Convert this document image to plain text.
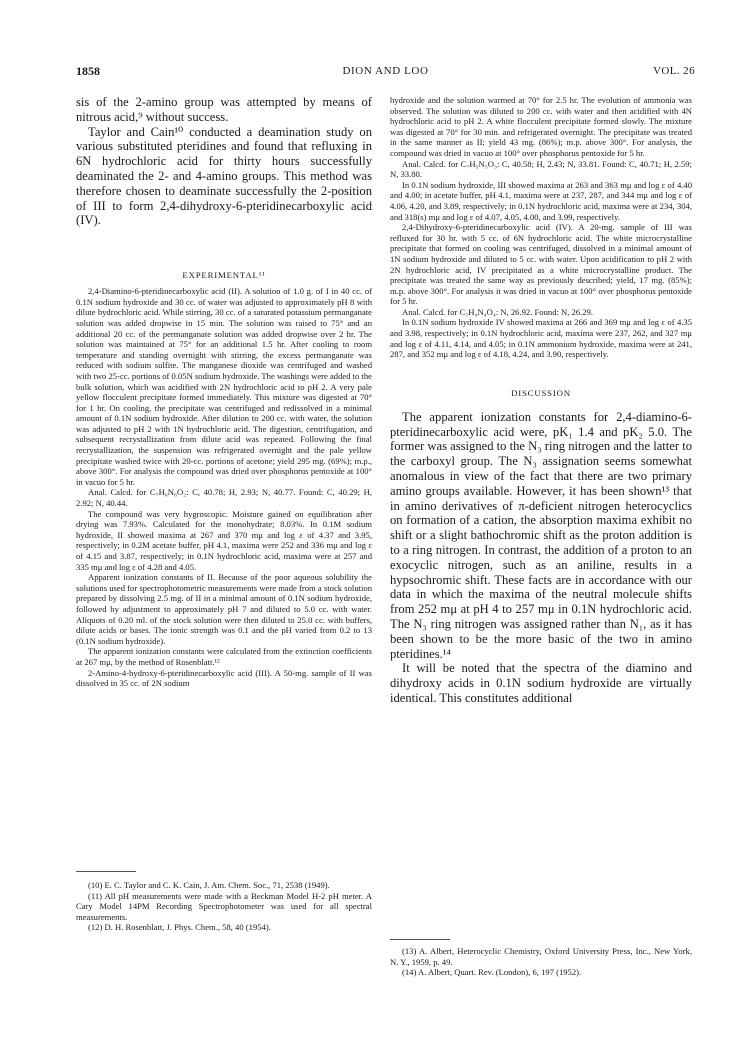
1858	DION AND LOO	VOL. 26

sis of the 2-amino group was attempted by means of nitrous acid,⁹ without success.

Taylor and Cain¹⁰ conducted a deamination study on various substituted pteridines and found that refluxing in 6N hydrochloric acid for thirty hours successfully deaminated the 2- and 4-amino groups. This method was therefore chosen to deaminate successfully the 2-position of III to form 2,4-dihydroxy-6-pteridinecarboxylic acid (IV).

EXPERIMENTAL¹¹

2,4-Diamino-6-pteridinecarboxylic acid (II). A solution of 1.0 g. of I in 40 cc. of 0.1N sodium hydroxide and 30 cc. of water was adjusted to approximately pH 8 with dilute hydrochloric acid. While stirring, 30 cc. of a saturated potassium permanganate solution was added dropwise in 15 min. The solution was raised to 75° and an additional 20 cc. of the permanganate solution was added dropwise over 2 hr. The solution was maintained at 75° for an additional 1.5 hr. After cooling to room temperature and standing overnight with stirring, the excess permanganate was reduced with sodium sulfite. The manganese dioxide was centrifuged and washed with two 25-cc. portions of 0.05N sodium hydroxide. The washings were added to the bulk solution, which was acidified with 2N hydrochloric acid to pH 2. A very pale yellow flocculent precipitate formed immediately. This mixture was digested at 70° for 1 hr. On cooling, the precipitate was centrifuged and redissolved in a minimal amount of 0.1N sodium hydroxide. After dilution to 200 cc. with water, the solution was adjusted to pH 2 with 1N hydrochloric acid. The digestion, centrifugation, and subsequent recrystallization from dilute acid was repeated. Following the final recrystallization, the suspension was refrigerated overnight and the pale yellow precipitate washed twice with 20-cc. portions of acetone; yield 295 mg. (69%); m.p., above 300°. For analysis the compound was dried over phosphorus pentoxide at 100° in vacuo for 5 hr.

Anal. Calcd. for C₇H₆N₆O₂: C, 40.78; H, 2.93; N, 40.77. Found: C, 40.29; H, 2.92; N, 40.44.

The compound was very hygroscopic. Moisture gained on equilibration after drying was 7.93%. Calculated for the monohydrate; 8.03%. In 0.1M sodium hydroxide, II showed maxima at 267 and 370 mμ and log ε of 4.37 and 3.95, respectively; in 0.2M acetate buffer, pH 4.1, maxima were 252 and 336 mμ and log ε of 4.15 and 3.87, respectively; in 0.1N hydrochloric acid, maxima were at 257 and 335 mμ and log ε of 4.28 and 4.05.

Apparent ionization constants of II. Because of the poor aqueous solubility the solutions used for spectrophotometric measurements were made from a stock solution prepared by dissolving 2.5 mg. of II in a minimal amount of 0.1N sodium hydroxide, followed by adjustment to approximately pH 7 and diluted to 5.0 cc. with water. Aliquots of 0.20 ml. of the stock solution were then diluted to 25.0 cc. with buffers, dilute acids or bases. The ionic strength was 0.1 and the pH varied from 0.2 to 13 (0.1N sodium hydroxide).

The apparent ionization constants were calculated from the extinction coefficients at 267 mμ, by the method of Rosenblatt.¹²

2-Amino-4-hydroxy-6-pteridinecarboxylic acid (III). A 50-mg. sample of II was dissolved in 35 cc. of 2N sodium

(10) E. C. Taylor and C. K. Cain, J. Am. Chem. Soc., 71, 2538 (1949).

(11) All pH measurements were made with a Beckman Model H-2 pH meter. A Cary Model 14PM Recording Spectrophotometer was used for all spectral measurements.

(12) D. H. Rosenblatt, J. Phys. Chem., 58, 40 (1954).

hydroxide and the solution warmed at 70° for 2.5 hr. The evolution of ammonia was observed. The solution was diluted to 200 cc. with water and then acidified with 4N hydrochloric acid to pH 2. A white flocculent precipitate formed slowly. The mixture was digested at 70° for 30 min. and refrigerated overnight. The precipitate was treated in the same manner as II; yield 43 mg. (86%); m.p. above 300°. For analysis, the compound was dried in vacuo at 100° over phosphorus pentoxide for 5 hr.

Anal. Calcd. for C₇H₅N₅O₃: C, 40.58; H, 2.43; N, 33.81. Found: C, 40.71; H, 2.59; N, 33.80.

In 0.1N sodium hydroxide, III showed maxima at 263 and 363 mμ and log ε of 4.40 and 4.00; in acetate buffer, pH 4.1, maxima were at 237, 287, and 344 mμ and log ε of 4.06, 4.20, and 3.89, respectively; in 0.1N hydrochloric acid, maxima were at 234, 304, and 318(s) mμ and log ε of 4.07, 4.05, 4.00, and 3.99, respectively.

2,4-Dihydroxy-6-pteridinecarboxylic acid (IV). A 20-mg. sample of III was refluxed for 30 hr. with 5 cc. of 6N hydrochloric acid. The white microcrystalline precipitate that formed on cooling was centrifuged, dissolved in a minimal amount of 1N sodium hydroxide and diluted to 5 cc. with water. Upon acidification to pH 2 with 2N hydrochloric acid, IV precipitated as a white microcrystalline product. The precipitate was treated the same way as previously described; yield, 17 mg. (85%); m.p. above 300°. For analysis it was dried in vacuo at 100° over phosphorus pentoxide for 5 hr.

Anal. Calcd. for C₇H₄N₄O₄: N, 26.92. Found: N, 26.29.

In 0.1N sodium hydroxide IV showed maxima at 266 and 369 mμ and log ε of 4.35 and 3.98, respectively; in 0.1N hydrochloric acid, maxima were 237, 262, and 327 mμ and log ε of 4.11, 4.14, and 4.05; in 0.1N ammonium hydroxide, maxima were at 241, 287, and 352 mμ and log ε of 4.18, 4.24, and 3.90, respectively.

DISCUSSION

The apparent ionization constants for 2,4-diamino-6-pteridinecarboxylic acid were, pK₁ 1.4 and pK₂ 5.0. The former was assigned to the N₃ ring nitrogen and the latter to the carboxyl group. The N₃ assignation seems somewhat anomalous in view of the fact that there are two primary amino groups available. However, it has been shown¹³ that in amino derivatives of π-deficient nitrogen heterocyclics on formation of a cation, the absorption maxima exhibit no shift or a slight bathochromic shift as the proton addition is to a ring nitrogen. In contrast, the addition of a proton to an exocyclic nitrogen, such as an aniline, results in a hypsochromic shift. These facts are in accordance with our data in which the maxima of the neutral molecule shifts from 252 mμ at pH 4 to 257 mμ in 0.1N hydrochloric acid. The N₃ ring nitrogen was assigned rather than N₁, as it has been shown to be the more basic of the two in amino pteridines.¹⁴

It will be noted that the spectra of the diamino and dihydroxy acids in 0.1N sodium hydroxide are virtually identical. This constitutes additional

(13) A. Albert, Heterocyclic Chemistry, Oxford University Press, Inc., New York, N. Y., 1959, p. 49.

(14) A. Albert, Quart. Rev. (London), 6, 197 (1952).
